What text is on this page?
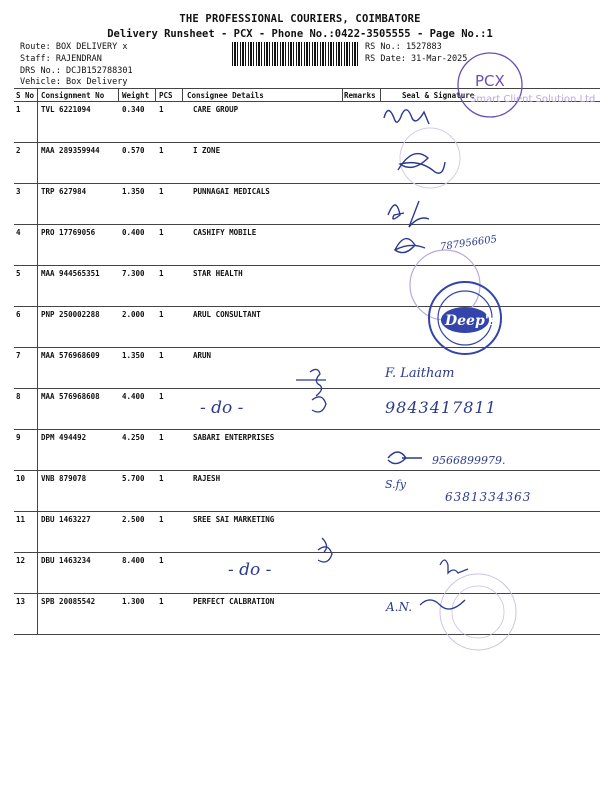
THE PROFESSIONAL COURIERS, COIMBATORE
Delivery Runsheet - PCX - Phone No.:0422-3505555 - Page No.:1
Route: BOX DELIVERY x
Staff: RAJENDRAN
DRS No.: DCJB152788301
Vehicle: Box Delivery
RS No.: 1527883
RS Date: 31-Mar-2025
S No Consignment No Weight PCS Consignee Details	Remarks	Seal & Signature
1	TVL 6221094	0.340 1	CARE GROUP
2	MAA 289359944	0.570 1	I ZONE
3	TRP 627984	1.350 1	PUNNAGAI MEDICALS
4	PRO 17769056	0.400 1	CASHIFY MOBILE
5	MAA 944565351	7.300 1	STAR HEALTH
6	PNP 250002288	2.000 1	ARUL CONSULTANT
7	MAA 576968609	1.350 1	ARUN
8	MAA 576968608	4.400 1
9	DPM 494492	4.250 1	SABARI ENTERPRISES
10 VNB 879078	5.700 1	RAJESH
11 DBU 1463227	2.500 1	SREE SAI MARKETING
12 DBU 1463234	8.400 1
13 SPB 20085542	1.300 1	PERFECT CALBRATION
PCX
Smart Client Solution Ltd
Deep's
787956605
F. Laitham
- do -	9843417811
9566899979.
S.fy
6381334363
- do -
A.N.
